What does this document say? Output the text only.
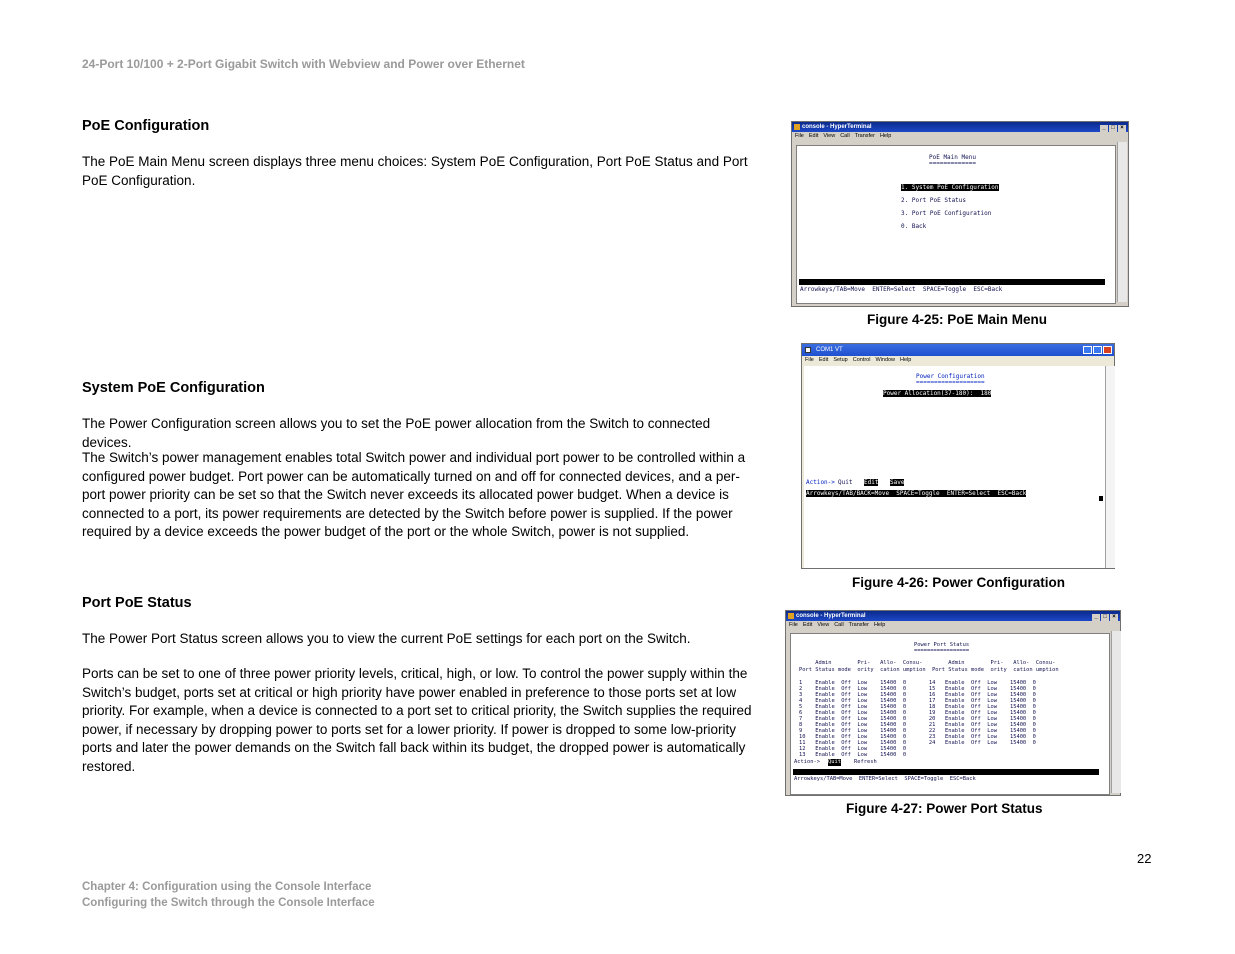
24-Port 10/100 + 2-Port Gigabit Switch with Webview and Power over Ethernet
PoE Configuration
The PoE Main Menu screen displays three menu choices: System PoE Configuration, Port PoE Status and Port PoE Configuration.
System PoE Configuration
The Power Configuration screen allows you to set the PoE power allocation from the Switch to connected devices.
The Switch’s power management enables total Switch power and individual port power to be controlled within a configured power budget. Port power can be automatically turned on and off for connected devices, and a per-port power priority can be set so that the Switch never exceeds its allocated power budget. When a device is connected to a port, its power requirements are detected by the Switch before power is supplied. If the power required by a device exceeds the power budget of the port or the whole Switch, power is not supplied.
Port PoE Status
The Power Port Status screen allows you to view the current PoE settings for each port on the Switch.
Ports can be set to one of three power priority levels, critical, high, or low. To control the power supply within the Switch’s budget, ports set at critical or high priority have power enabled in preference to those ports set at low priority. For example, when a device is connected to a port set to critical priority, the Switch supplies the required power, if necessary by dropping power to ports set for a lower priority. If power is dropped to some low-priority ports and later the power demands on the Switch fall back within its budget, the dropped power is automatically restored.
console - HyperTerminal	_ □ ×
File Edit View Call Transfer Help
PoE Main Menu
=============
1. System PoE Configuration
2. Port PoE Status
3. Port PoE Configuration
0. Back
Arrowkeys/TAB=Move  ENTER=Select  SPACE=Toggle  ESC=Back
Figure 4-25: PoE Main Menu
COM1 VT
File Edit Setup Control Window Help
Power Configuration
===================
Power Allocation(37-180):  180
Action-> Quit Edit Save
Arrowkeys/TAB/BACK=Move  SPACE=Toggle  ENTER=Select  ESC=Back
Figure 4-26: Power Configuration
console - HyperTerminal	_ □ ×
File Edit View Call Transfer Help
Power Port Status
=================
Admin        Pri-   Allo-  Consu-        Admin        Pri-   Allo-  Consu-
Port Status mode  ority  cation umption  Port Status mode  ority  cation umption
1    Enable  Off  Low    15400  0       14   Enable  Off  Low    15400  0
2    Enable  Off  Low    15400  0       15   Enable  Off  Low    15400  0
3    Enable  Off  Low    15400  0       16   Enable  Off  Low    15400  0
4    Enable  Off  Low    15400  0       17   Enable  Off  Low    15400  0
5    Enable  Off  Low    15400  0       18   Enable  Off  Low    15400  0
6    Enable  Off  Low    15400  0       19   Enable  Off  Low    15400  0
7    Enable  Off  Low    15400  0       20   Enable  Off  Low    15400  0
8    Enable  Off  Low    15400  0       21   Enable  Off  Low    15400  0
9    Enable  Off  Low    15400  0       22   Enable  Off  Low    15400  0
10   Enable  Off  Low    15400  0       23   Enable  Off  Low    15400  0
11   Enable  Off  Low    15400  0       24   Enable  Off  Low    15400  0
12   Enable  Off  Low    15400  0
13   Enable  Off  Low    15400  0
Action-> Quit Refresh
Arrowkeys/TAB=Move  ENTER=Select  SPACE=Toggle  ESC=Back
Figure 4-27: Power Port Status
22
Chapter 4: Configuration using the Console Interface
Configuring the Switch through the Console Interface
